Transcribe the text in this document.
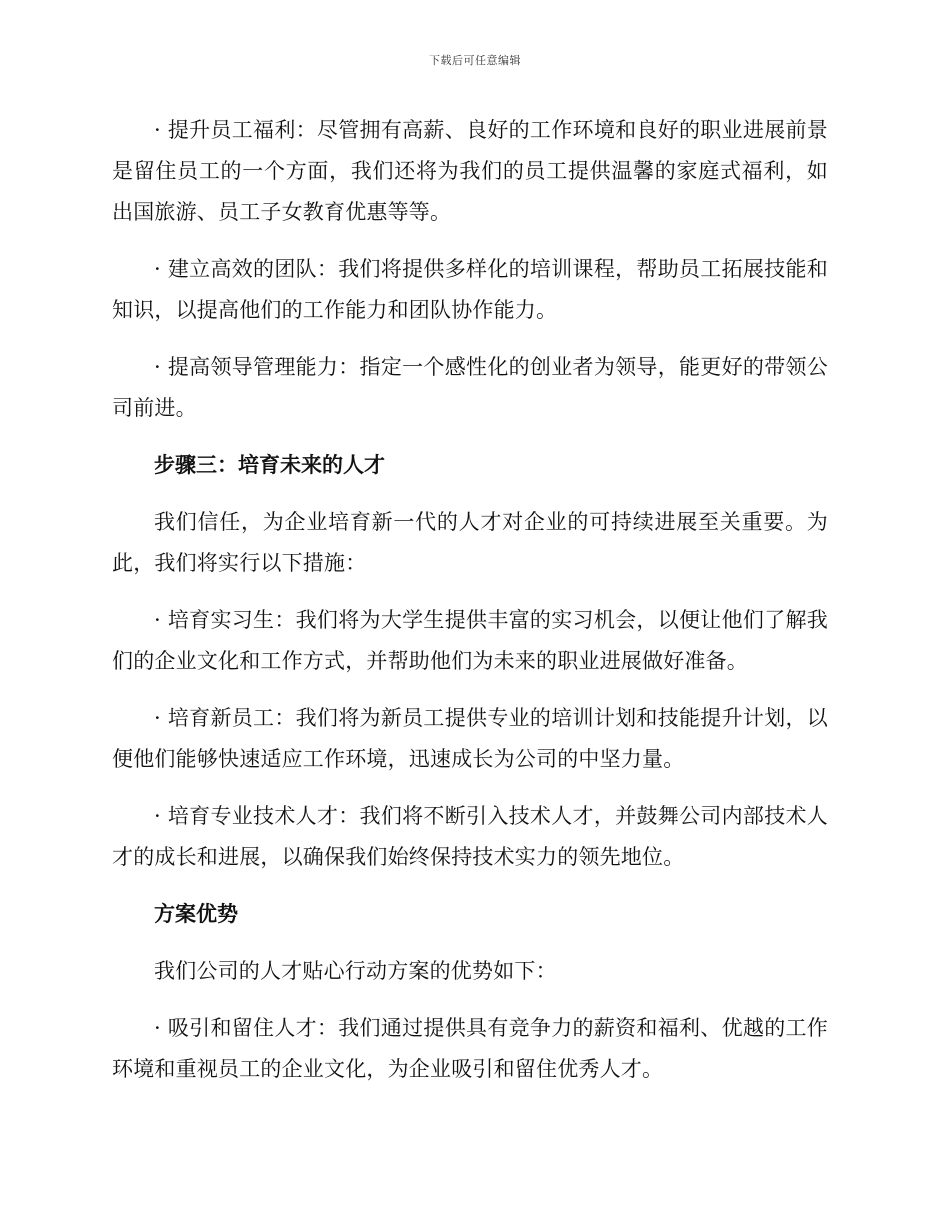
下载后可任意编辑

· 提升员工福利：尽管拥有高薪、良好的工作环境和良好的职业进展前景是留住员工的一个方面，我们还将为我们的员工提供温馨的家庭式福利，如出国旅游、员工子女教育优惠等等。

· 建立高效的团队：我们将提供多样化的培训课程，帮助员工拓展技能和知识，以提高他们的工作能力和团队协作能力。

· 提高领导管理能力：指定一个感性化的创业者为领导，能更好的带领公司前进。

步骤三：培育未来的人才

我们信任，为企业培育新一代的人才对企业的可持续进展至关重要。为此，我们将实行以下措施：

· 培育实习生：我们将为大学生提供丰富的实习机会，以便让他们了解我们的企业文化和工作方式，并帮助他们为未来的职业进展做好准备。

· 培育新员工：我们将为新员工提供专业的培训计划和技能提升计划，以便他们能够快速适应工作环境，迅速成长为公司的中坚力量。

· 培育专业技术人才：我们将不断引入技术人才，并鼓舞公司内部技术人才的成长和进展，以确保我们始终保持技术实力的领先地位。

方案优势

我们公司的人才贴心行动方案的优势如下：

· 吸引和留住人才：我们通过提供具有竞争力的薪资和福利、优越的工作环境和重视员工的企业文化，为企业吸引和留住优秀人才。
